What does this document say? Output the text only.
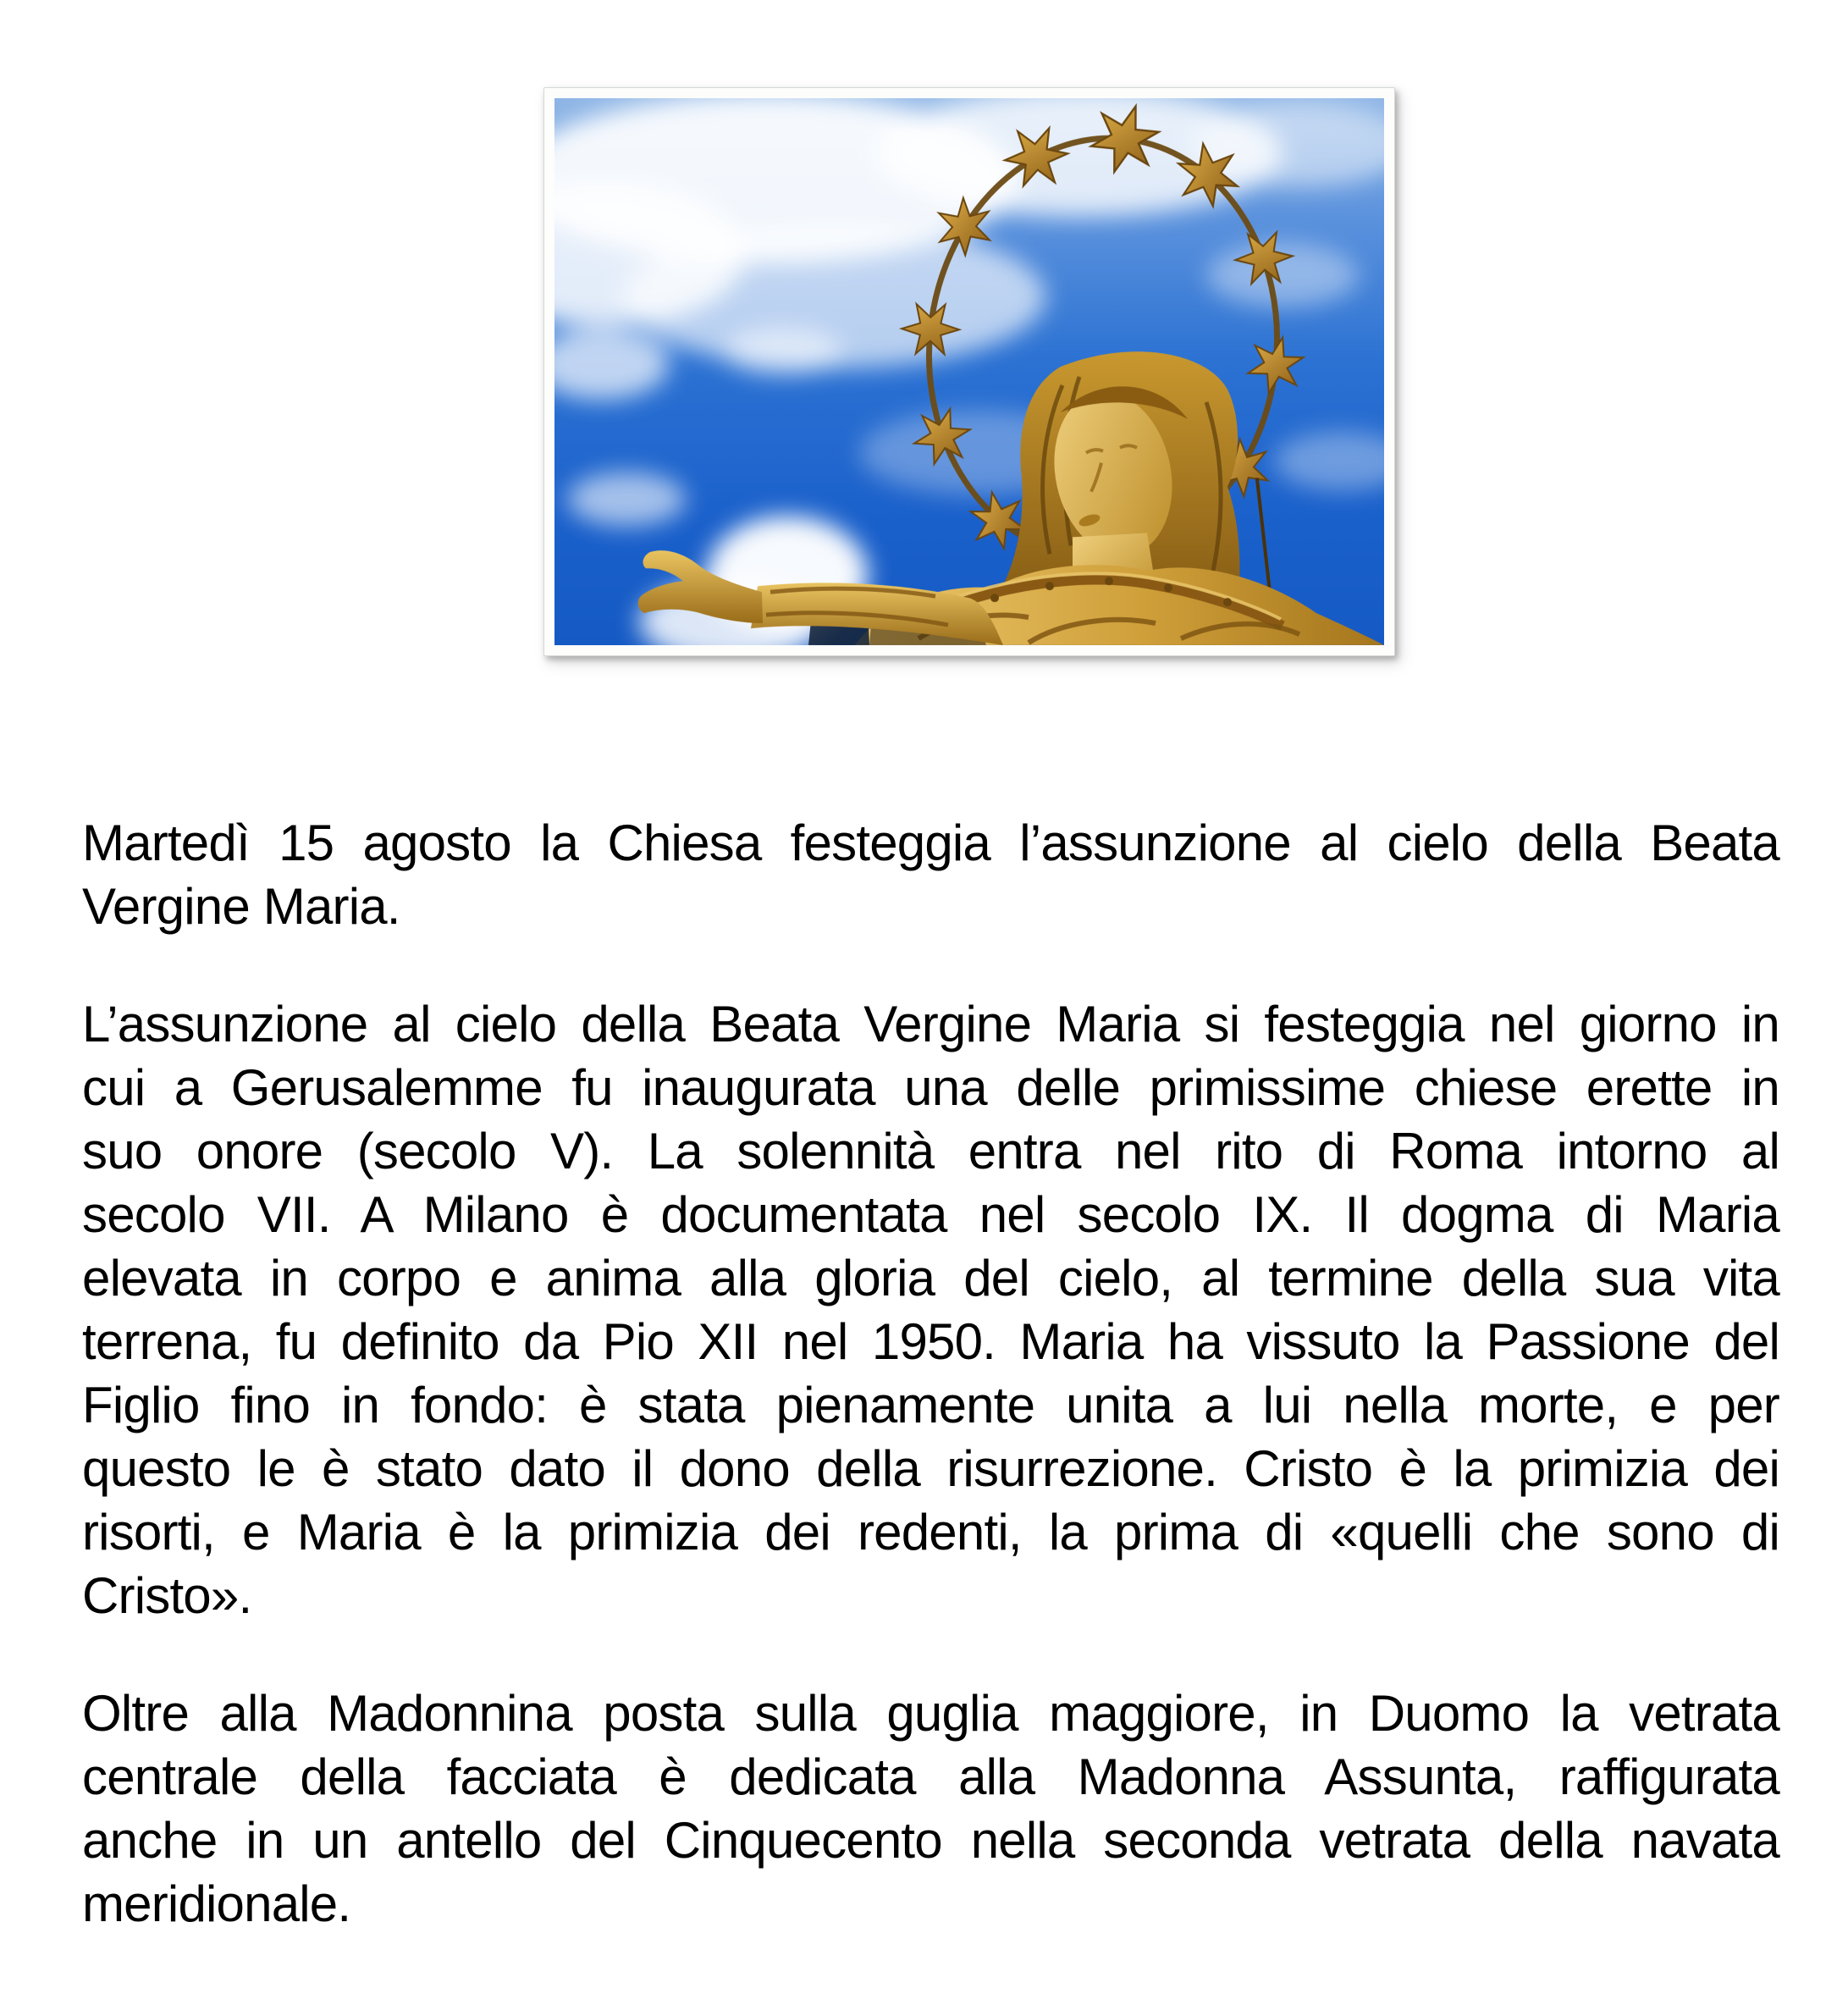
Martedì 15 agosto la Chiesa festeggia l’assunzione al cielo della Beata
Vergine Maria.
L’assunzione al cielo della Beata Vergine Maria si festeggia nel giorno in
cui a Gerusalemme fu inaugurata una delle primissime chiese erette in
suo onore (secolo V). La solennità entra nel rito di Roma intorno al
secolo VII. A Milano è documentata nel secolo IX. Il dogma di Maria
elevata in corpo e anima alla gloria del cielo, al termine della sua vita
terrena, fu definito da Pio XII nel 1950. Maria ha vissuto la Passione del
Figlio fino in fondo: è stata pienamente unita a lui nella morte, e per
questo le è stato dato il dono della risurrezione. Cristo è la primizia dei
risorti, e Maria è la primizia dei redenti, la prima di «quelli che sono di
Cristo».
Oltre alla Madonnina posta sulla guglia maggiore, in Duomo la vetrata
centrale della facciata è dedicata alla Madonna Assunta, raffigurata
anche in un antello del Cinquecento nella seconda vetrata della navata
meridionale.
